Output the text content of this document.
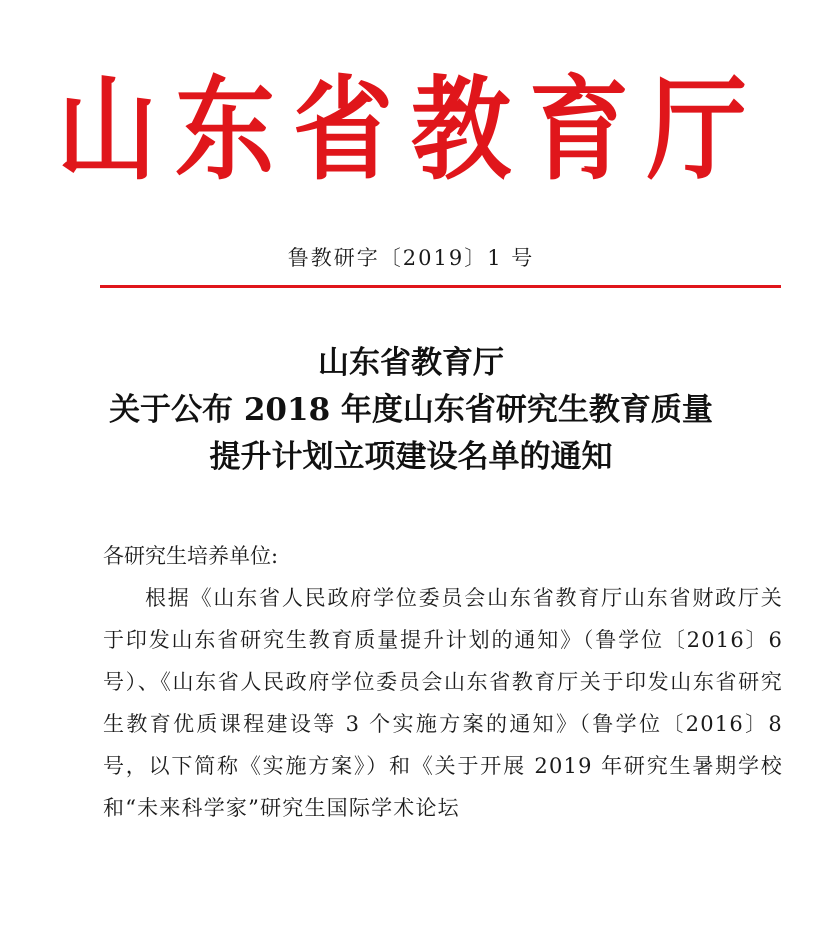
山东省教育厅
鲁教研字〔2019〕1 号
山东省教育厅
关于公布 2018 年度山东省研究生教育质量
提升计划立项建设名单的通知
各研究生培养单位:
根据《山东省人民政府学位委员会山东省教育厅山东省财政厅关于印发山东省研究生教育质量提升计划的通知》（鲁学位〔2016〕6 号）、《山东省人民政府学位委员会山东省教育厅关于印发山东省研究生教育优质课程建设等 3 个实施方案的通知》（鲁学位〔2016〕8 号，以下简称《实施方案》）和《关于开展 2019 年研究生暑期学校和“未来科学家”研究生国际学术论坛
